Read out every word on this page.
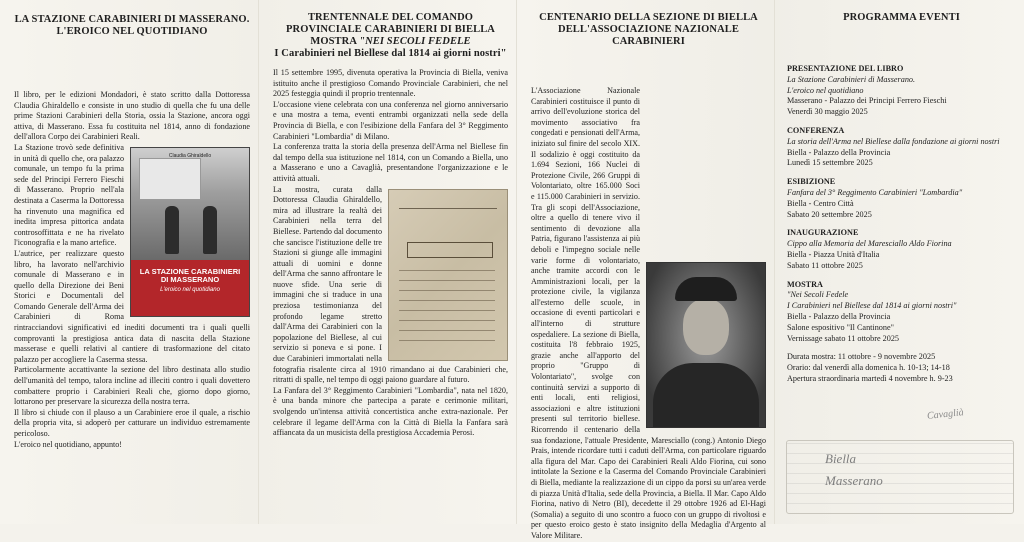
LA STAZIONE CARABINIERI DI MASSERANO.
L'EROICO NEL QUOTIDIANO

Il libro, per le edizioni Mondadori, è stato scritto dalla Dottoressa Claudia Ghiraldello e consiste in uno studio di quella che fu una delle prime Stazioni Carabinieri della Storia, ossia la Stazione, ancora oggi attiva, di Masserano. Essa fu costituita nel 1814, anno di fondazione dell'allora Corpo dei Carabinieri Reali.

Claudia Ghiraldello
LA STAZIONE CARABINIERI
DI MASSERANO
L'eroico nel quotidiano

La Stazione trovò sede definitiva in unità di quello che, ora palazzo comunale, un tempo fu la prima sede del Principi Ferrero Fieschi di Masserano. Proprio nell'ala destinata a Caserma la Dottoressa ha rinvenuto una magnifica ed inedita impresa pittorica andata controsoffittata e ne ha rivelato l'iconografia e la mano artefice.

L'autrice, per realizzare questo libro, ha lavorato nell'archivio comunale di Masserano e in quello della Direzione dei Beni Storici e Documentali del Comando Generale dell'Arma dei Carabinieri di Roma rintracciandovi significativi ed inediti documenti tra i quali quelli comprovanti la prestigiosa antica data di nascita della Stazione masserase e quelli relativi al cantiere di trasformazione del citato palazzo per accogliere la Caserma stessa.

Particolarmente accattivante la sezione del libro destinata allo studio dell'umanità del tempo, talora incline ad illeciti contro i quali dovettero combattere proprio i Carabinieri Reali che, giorno dopo giorno, lottarono per preservare la sicurezza della nostra terra.

Il libro si chiude con il plauso a un Carabiniere eroe il quale, a rischio della propria vita, si adoperò per catturare un individuo estremamente pericoloso.

L'eroico nel quotidiano, appunto!

TRENTENNALE DEL COMANDO
PROVINCIALE CARABINIERI DI BIELLA
MOSTRA "NEI SECOLI FEDELE
I Carabinieri nel Biellese dal 1814 ai giorni nostri"

Il 15 settembre 1995, divenuta operativa la Provincia di Biella, veniva istituito anche il prestigioso Comando Provinciale Carabinieri, che nel 2025 festeggia quindi il proprio trentennale.

L'occasione viene celebrata con una conferenza nel giorno anniversario e una mostra a tema, eventi entrambi organizzati nella sede della Provincia di Biella, e con l'esibizione della Fanfara del 3° Reggimento Carabinieri "Lombardia" di Milano.

La conferenza tratta la storia della presenza dell'Arma nel Biellese fin dal tempo della sua istituzione nel 1814, con un Comando a Biella, uno a Masserano e uno a Cavaglià, presentandone l'organizzazione e le attività attuali.

La mostra, curata dalla Dottoressa Claudia Ghiraldello, mira ad illustrare la realtà dei Carabinieri nella terra del Biellese. Partendo dal documento che sancisce l'istituzione delle tre Stazioni si giunge alle immagini attuali di uomini e donne dell'Arma che sanno affrontare le nuove sfide. Una serie di immagini che si traduce in una preziosa testimonianza del profondo legame stretto dall'Arma dei Carabinieri con la popolazione del Biellese, al cui servizio si poneva e si pone. I due Carabinieri immortalati nella fotografia risalente circa al 1910 rimandano ai due Carabinieri che, ritratti di spalle, nel tempo di oggi paiono guardare al futuro.

La Fanfara del 3° Reggimento Carabinieri "Lombardia", nata nel 1820, è una banda minore che partecipa a parate e cerimonie militari, svolgendo un'intensa attività concertistica anche extra-nazionale. Per celebrare il legame dell'Arma con la Città di Biella la Fanfara sarà affiancata da un musicista della prestigiosa Accademia Perosi.

CENTENARIO DELLA SEZIONE DI BIELLA
DELL'ASSOCIAZIONE NAZIONALE CARABINIERI

L'Associazione Nazionale Carabinieri costituisce il punto di arrivo dell'evoluzione storica del movimento associativo fra congedati e pensionati dell'Arma, iniziato sul finire del secolo XIX. Il sodalizio è oggi costituito da 1.694 Sezioni, 166 Nuclei di Protezione Civile, 266 Gruppi di Volontariato, oltre 165.000 Soci e 115.000 Carabinieri in servizio. Tra gli scopi dell'Associazione, oltre a quello di tenere vivo il sentimento di devozione alla Patria, figurano l'assistenza ai più deboli e l'impegno sociale nelle varie forme di volontariato, anche tramite accordi con le Amministrazioni locali, per la protezione civile, la vigilanza all'esterno delle scuole, in occasione di eventi particolari e all'interno di strutture ospedaliere. La sezione di Biella, costituita l'8 febbraio 1925, grazie anche all'apporto del proprio "Gruppo di Volontariato", svolge con continuità servizi a supporto di enti locali, enti religiosi, associazioni e altre istituzioni presenti sul territorio biellese. Ricorrendo il centenario della sua fondazione, l'attuale Presidente, Maresciallo (cong.) Antonio Diego Prais, intende ricordare tutti i caduti dell'Arma, con particolare riguardo alla figura del Mar. Capo dei Carabinieri Reali Aldo Fiorina, cui sono intitolate la Sezione e la Caserma del Comando Provinciale Carabinieri di Biella, mediante la realizzazione di un cippo da porsi su un'area verde di piazza Unità d'Italia, sede della Provincia, a Biella. Il Mar. Capo Aldo Fiorina, nativo di Netro (BI), decedette il 29 ottobre 1926 ad El-Hagi (Somalia) a seguito di uno scontro a fuoco con un gruppo di rivoltosi e per questo eroico gesto è stato insignito della Medaglia d'Argento al Valore Militare.

PROGRAMMA EVENTI
PRESENTAZIONE DEL LIBRO
La Stazione Carabinieri di Masserano.
L'eroico nel quotidiano
Masserano - Palazzo dei Principi Ferrero Fieschi
Venerdì 30 maggio 2025
CONFERENZA
La storia dell'Arma nel Biellese dalla fondazione ai giorni nostri
Biella - Palazzo della Provincia
Lunedì 15 settembre 2025
ESIBIZIONE
Fanfara del 3° Reggimento Carabinieri "Lombardia"
Biella - Centro Città
Sabato 20 settembre 2025
INAUGURAZIONE
Cippo alla Memoria del Maresciallo Aldo Fiorina
Biella - Piazza Unità d'Italia
Sabato 11 ottobre 2025
MOSTRA
"Nei Secoli Fedele
I Carabinieri nel Biellese dal 1814 ai giorni nostri"
Biella - Palazzo della Provincia
Salone espositivo "Il Cantinone"
Vernissage sabato 11 ottobre 2025
Durata mostra: 11 ottobre - 9 novembre 2025
Orario: dal venerdì alla domenica h. 10-13; 14-18
Apertura straordinaria martedì 4 novembre h. 9-23
Cavaglià
Biella
Masserano
